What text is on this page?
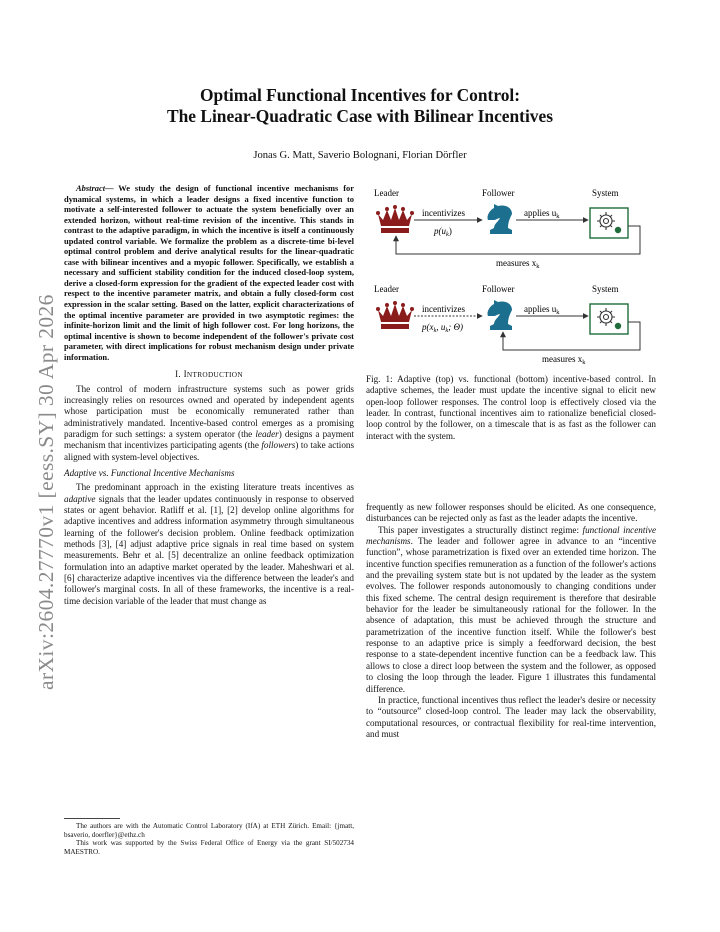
arXiv:2604.27770v1 [eess.SY] 30 Apr 2026
Optimal Functional Incentives for Control:
The Linear-Quadratic Case with Bilinear Incentives
Jonas G. Matt, Saverio Bolognani, Florian Dörfler

Abstract— We study the design of functional incentive mechanisms for dynamical systems, in which a leader designs a fixed incentive function to motivate a self-interested follower to actuate the system beneficially over an extended horizon, without real-time revision of the incentive. This stands in contrast to the adaptive paradigm, in which the incentive is itself a continuously updated control variable. We formalize the problem as a discrete-time bi-level optimal control problem and derive analytical results for the linear-quadratic case with bilinear incentives and a myopic follower. Specifically, we establish a necessary and sufficient stability condition for the induced closed-loop system, derive a closed-form expression for the gradient of the expected leader cost with respect to the incentive parameter matrix, and obtain a fully closed-form cost expression in the scalar setting. Based on the latter, explicit characterizations of the optimal incentive parameter are provided in two asymptotic regimes: the infinite-horizon limit and the limit of high follower cost. For long horizons, the optimal incentive is shown to become independent of the follower's private cost parameter, with direct implications for robust mechanism design under private information.

I. INTRODUCTION

The control of modern infrastructure systems such as power grids increasingly relies on resources owned and operated by independent agents whose participation must be economically remunerated rather than administratively mandated. Incentive-based control emerges as a promising paradigm for such settings: a system operator (the leader) designs a payment mechanism that incentivizes participating agents (the followers) to take actions aligned with system-level objectives.

Adaptive vs. Functional Incentive Mechanisms

The predominant approach in the existing literature treats incentives as adaptive signals that the leader updates continuously in response to observed states or agent behavior. Ratliff et al. [1], [2] develop online algorithms for adaptive incentives and address information asymmetry through simultaneous learning of the follower's decision problem. Online feedback optimization methods [3], [4] adjust adaptive price signals in real time based on system measurements. Behr et al. [5] decentralize an online feedback optimization formulation into an adaptive market operated by the leader. Maheshwari et al. [6] characterize adaptive incentives via the difference between the leader's and follower's marginal costs. In all of these frameworks, the incentive is a real-time decision variable of the leader that must change as

The authors are with the Automatic Control Laboratory (IfA) at ETH Zürich. Email: {jmatt, bsaverio, doerfler}@ethz.ch

This work was supported by the Swiss Federal Office of Energy via the grant SI/502734 MAESTRO.

Leader	Follower	System
incentivizes
$p(u_k)$
applies $u_k$
measures $x_k$
Leader	Follower	System
incentivizes
$p(x_k$, $u_k$; Θ)
applies $u_k$
measures $x_k$

Fig. 1: Adaptive (top) vs. functional (bottom) incentive-based control. In adaptive schemes, the leader must update the incentive signal to elicit new open-loop follower responses. The control loop is effectively closed via the leader. In contrast, functional incentives aim to rationalize beneficial closed-loop control by the follower, on a timescale that is as fast as the follower can interact with the system.

frequently as new follower responses should be elicited. As one consequence, disturbances can be rejected only as fast as the leader adapts the incentive.

This paper investigates a structurally distinct regime: functional incentive mechanisms. The leader and follower agree in advance to an “incentive function”, whose parametrization is fixed over an extended time horizon. The incentive function specifies remuneration as a function of the follower's actions and the prevailing system state but is not updated by the leader as the system evolves. The follower responds autonomously to changing conditions under this fixed scheme. The central design requirement is therefore that desirable behavior for the leader be simultaneously rational for the follower. In the absence of adaptation, this must be achieved through the structure and parametrization of the incentive function itself. While the follower's best response to an adaptive price is simply a feedforward decision, the best response to a state-dependent incentive function can be a feedback law. This allows to close a direct loop between the system and the follower, as opposed to closing the loop through the leader. Figure 1 illustrates this fundamental difference.

In practice, functional incentives thus reflect the leader's desire or necessity to “outsource” closed-loop control. The leader may lack the observability, computational resources, or contractual flexibility for real-time intervention, and must
